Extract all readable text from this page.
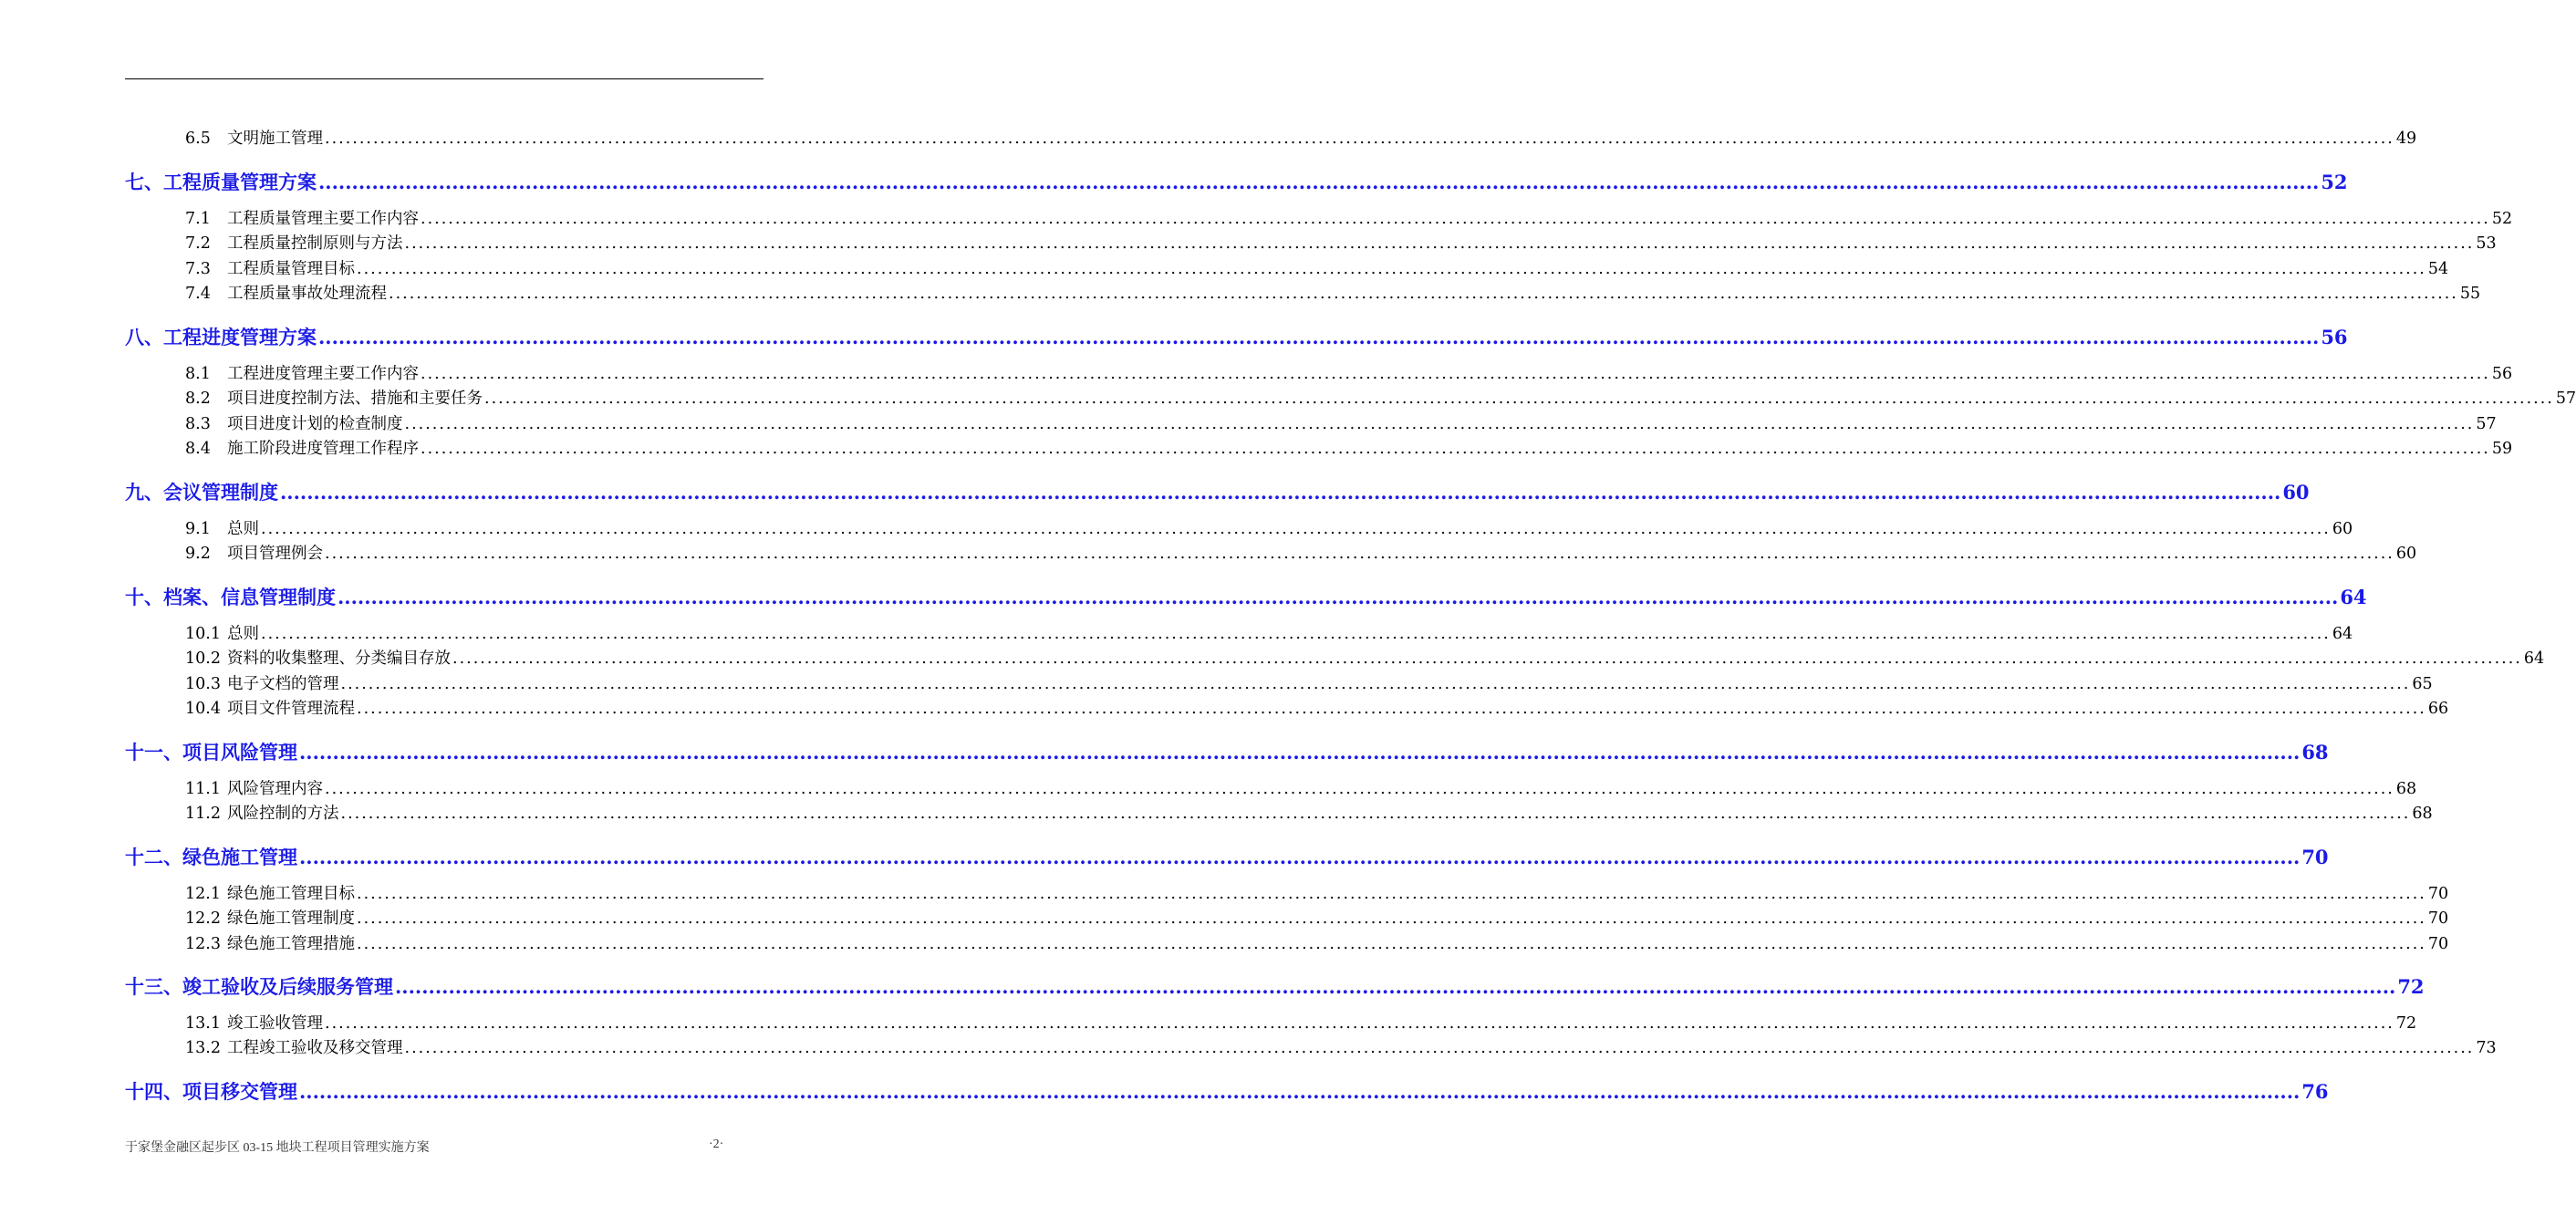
6.5	文明施工管理 ............................................................................................................................................................................................................................................................................................................ 49
七、工程质量管理方案 ............................................................................................................................................................................................................................................................................................................ 52
7.1	工程质量管理主要工作内容 ............................................................................................................................................................................................................................................................................................................ 52
7.2	工程质量控制原则与方法 ............................................................................................................................................................................................................................................................................................................ 53
7.3	工程质量管理目标 ............................................................................................................................................................................................................................................................................................................ 54
7.4	工程质量事故处理流程 ............................................................................................................................................................................................................................................................................................................ 55
八、工程进度管理方案 ............................................................................................................................................................................................................................................................................................................ 56
8.1	工程进度管理主要工作内容 ............................................................................................................................................................................................................................................................................................................ 56
8.2	项目进度控制方法、措施和主要任务 ............................................................................................................................................................................................................................................................................................................ 57
8.3	项目进度计划的检查制度 ............................................................................................................................................................................................................................................................................................................ 57
8.4	施工阶段进度管理工作程序 ............................................................................................................................................................................................................................................................................................................ 59
九、会议管理制度 ............................................................................................................................................................................................................................................................................................................ 60
9.1	总则 ............................................................................................................................................................................................................................................................................................................ 60
9.2	项目管理例会 ............................................................................................................................................................................................................................................................................................................ 60
十、档案、信息管理制度 ............................................................................................................................................................................................................................................................................................................ 64
10.1 总则 ............................................................................................................................................................................................................................................................................................................ 64
10.2 资料的收集整理、分类编目存放 ............................................................................................................................................................................................................................................................................................................ 64
10.3 电子文档的管理 ............................................................................................................................................................................................................................................................................................................ 65
10.4 项目文件管理流程 ............................................................................................................................................................................................................................................................................................................ 66
十一、项目风险管理 ............................................................................................................................................................................................................................................................................................................ 68
11.1 风险管理内容 ............................................................................................................................................................................................................................................................................................................ 68
11.2 风险控制的方法 ............................................................................................................................................................................................................................................................................................................ 68
十二、绿色施工管理 ............................................................................................................................................................................................................................................................................................................ 70
12.1 绿色施工管理目标 ............................................................................................................................................................................................................................................................................................................ 70
12.2 绿色施工管理制度 ............................................................................................................................................................................................................................................................................................................ 70
12.3 绿色施工管理措施 ............................................................................................................................................................................................................................................................................................................ 70
十三、竣工验收及后续服务管理 ............................................................................................................................................................................................................................................................................................................ 72
13.1 竣工验收管理 ............................................................................................................................................................................................................................................................................................................ 72
13.2 工程竣工验收及移交管理 ............................................................................................................................................................................................................................................................................................................ 73
十四、项目移交管理 ............................................................................................................................................................................................................................................................................................................ 76
于家堡金融区起步区 03-15 地块工程项目管理实施方案	·2·
